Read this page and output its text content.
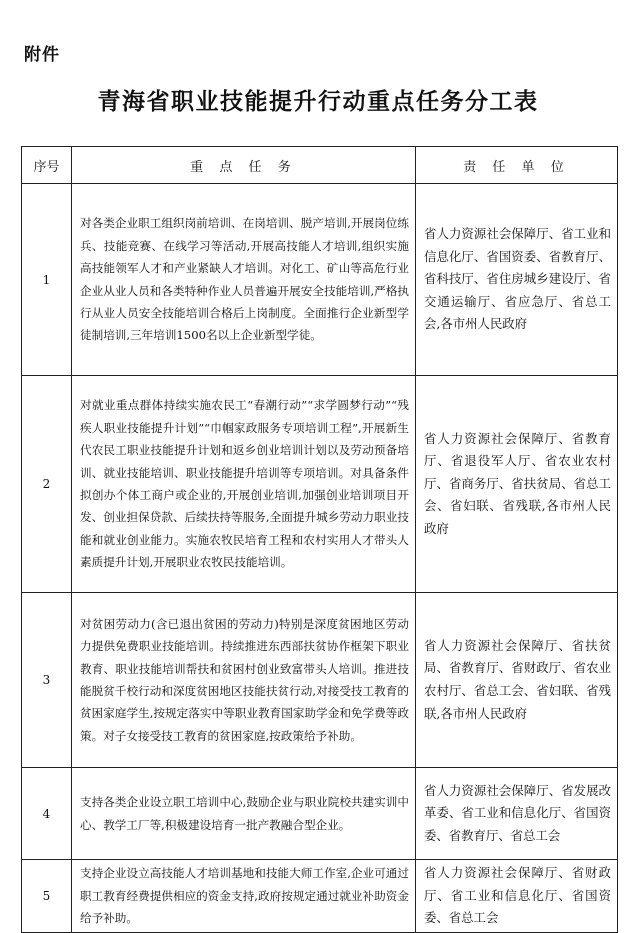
附件
青海省职业技能提升行动重点任务分工表
序号	重 点 任 务	责 任 单 位
1	对各类企业职工组织岗前培训、在岗培训、脱产培训,开展岗位练兵、技能竞赛、在线学习等活动,开展高技能人才培训,组织实施高技能领军人才和产业紧缺人才培训。对化工、矿山等高危行业企业从业人员和各类特种作业人员普遍开展安全技能培训,严格执行从业人员安全技能培训合格后上岗制度。全面推行企业新型学徒制培训,三年培训1500名以上企业新型学徒。	省人力资源社会保障厅、省工业和信息化厅、省国资委、省教育厅、省科技厅、省住房城乡建设厅、省交通运输厅、省应急厅、省总工会,各市州人民政府
2	对就业重点群体持续实施农民工“春潮行动”“求学圆梦行动”“残疾人职业技能提升计划”“巾帼家政服务专项培训工程”,开展新生代农民工职业技能提升计划和返乡创业培训计划以及劳动预备培训、就业技能培训、职业技能提升培训等专项培训。对具备条件拟创办个体工商户或企业的,开展创业培训,加强创业培训项目开发、创业担保贷款、后续扶持等服务,全面提升城乡劳动力职业技能和就业创业能力。实施农牧民培育工程和农村实用人才带头人素质提升计划,开展职业农牧民技能培训。	省人力资源社会保障厅、省教育厅、省退役军人厅、省农业农村厅、省商务厅、省扶贫局、省总工会、省妇联、省残联,各市州人民政府
3	对贫困劳动力(含已退出贫困的劳动力)特别是深度贫困地区劳动力提供免费职业技能培训。持续推进东西部扶贫协作框架下职业教育、职业技能培训帮扶和贫困村创业致富带头人培训。推进技能脱贫千校行动和深度贫困地区技能扶贫行动,对接受技工教育的贫困家庭学生,按规定落实中等职业教育国家助学金和免学费等政策。对子女接受技工教育的贫困家庭,按政策给予补助。	省人力资源社会保障厅、省扶贫局、省教育厅、省财政厅、省农业农村厅、省总工会、省妇联、省残联,各市州人民政府
4	支持各类企业设立职工培训中心,鼓励企业与职业院校共建实训中心、教学工厂等,积极建设培育一批产教融合型企业。	省人力资源社会保障厅、省发展改革委、省工业和信息化厅、省国资委、省教育厅、省总工会
5	支持企业设立高技能人才培训基地和技能大师工作室,企业可通过职工教育经费提供相应的资金支持,政府按规定通过就业补助资金给予补助。	省人力资源社会保障厅、省财政厅、省工业和信息化厅、省国资委、省总工会
